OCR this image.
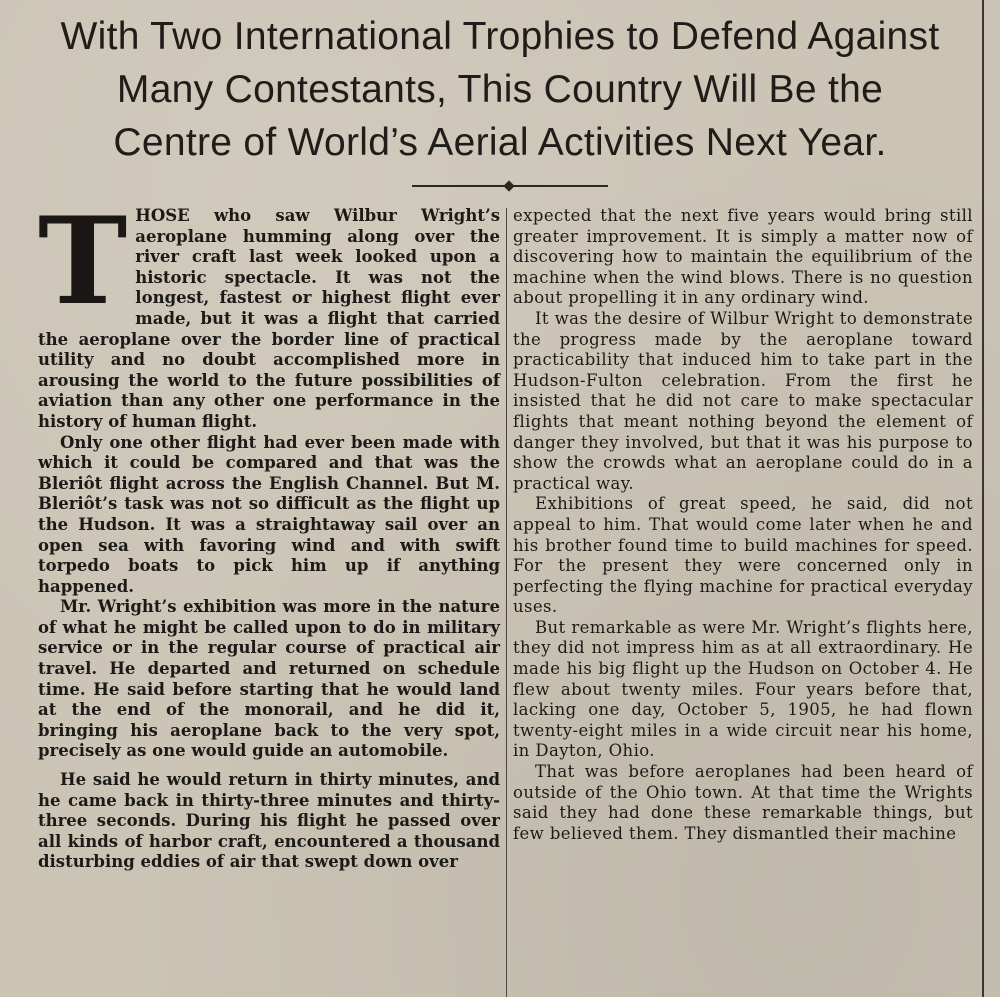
With Two International Trophies to Defend Against
Many Contestants, This Country Will Be the
Centre of World’s Aerial Activities Next Year.

THOSE who saw Wilbur Wright’s aeroplane humming along over the river craft last week looked upon a historic spectacle. It was not the longest, fastest or highest flight ever made, but it was a flight that carried the aeroplane over the border line of practical utility and no doubt accomplished more in arousing the world to the future possibilities of aviation than any other one performance in the history of human flight.

Only one other flight had ever been made with which it could be compared and that was the Bleriôt flight across the English Channel. But M. Bleriôt’s task was not so difficult as the flight up the Hudson. It was a straightaway sail over an open sea with favoring wind and with swift torpedo boats to pick him up if anything happened.

Mr. Wright’s exhibition was more in the nature of what he might be called upon to do in military service or in the regular course of practical air travel. He departed and returned on schedule time. He said before starting that he would land at the end of the monorail, and he did it, bringing his aeroplane back to the very spot, precisely as one would guide an automobile.

He said he would return in thirty minutes, and he came back in thirty-three minutes and thirty-three seconds. During his flight he passed over all kinds of harbor craft, encountered a thousand disturbing eddies of air that swept down over

expected that the next five years would bring still greater improvement. It is simply a matter now of discovering how to maintain the equilibrium of the machine when the wind blows. There is no question about propelling it in any ordinary wind.

It was the desire of Wilbur Wright to demonstrate the progress made by the aeroplane toward practicability that induced him to take part in the Hudson-Fulton celebration. From the first he insisted that he did not care to make spectacular flights that meant nothing beyond the element of danger they involved, but that it was his purpose to show the crowds what an aeroplane could do in a practical way.

Exhibitions of great speed, he said, did not appeal to him. That would come later when he and his brother found time to build machines for speed. For the present they were concerned only in perfecting the flying machine for practical everyday uses.

But remarkable as were Mr. Wright’s flights here, they did not impress him as at all extraordinary. He made his big flight up the Hudson on October 4. He flew about twenty miles. Four years before that, lacking one day, October 5, 1905, he had flown twenty-eight miles in a wide circuit near his home, in Dayton, Ohio.

That was before aeroplanes had been heard of outside of the Ohio town. At that time the Wrights said they had done these remarkable things, but few believed them. They dismantled their machine
